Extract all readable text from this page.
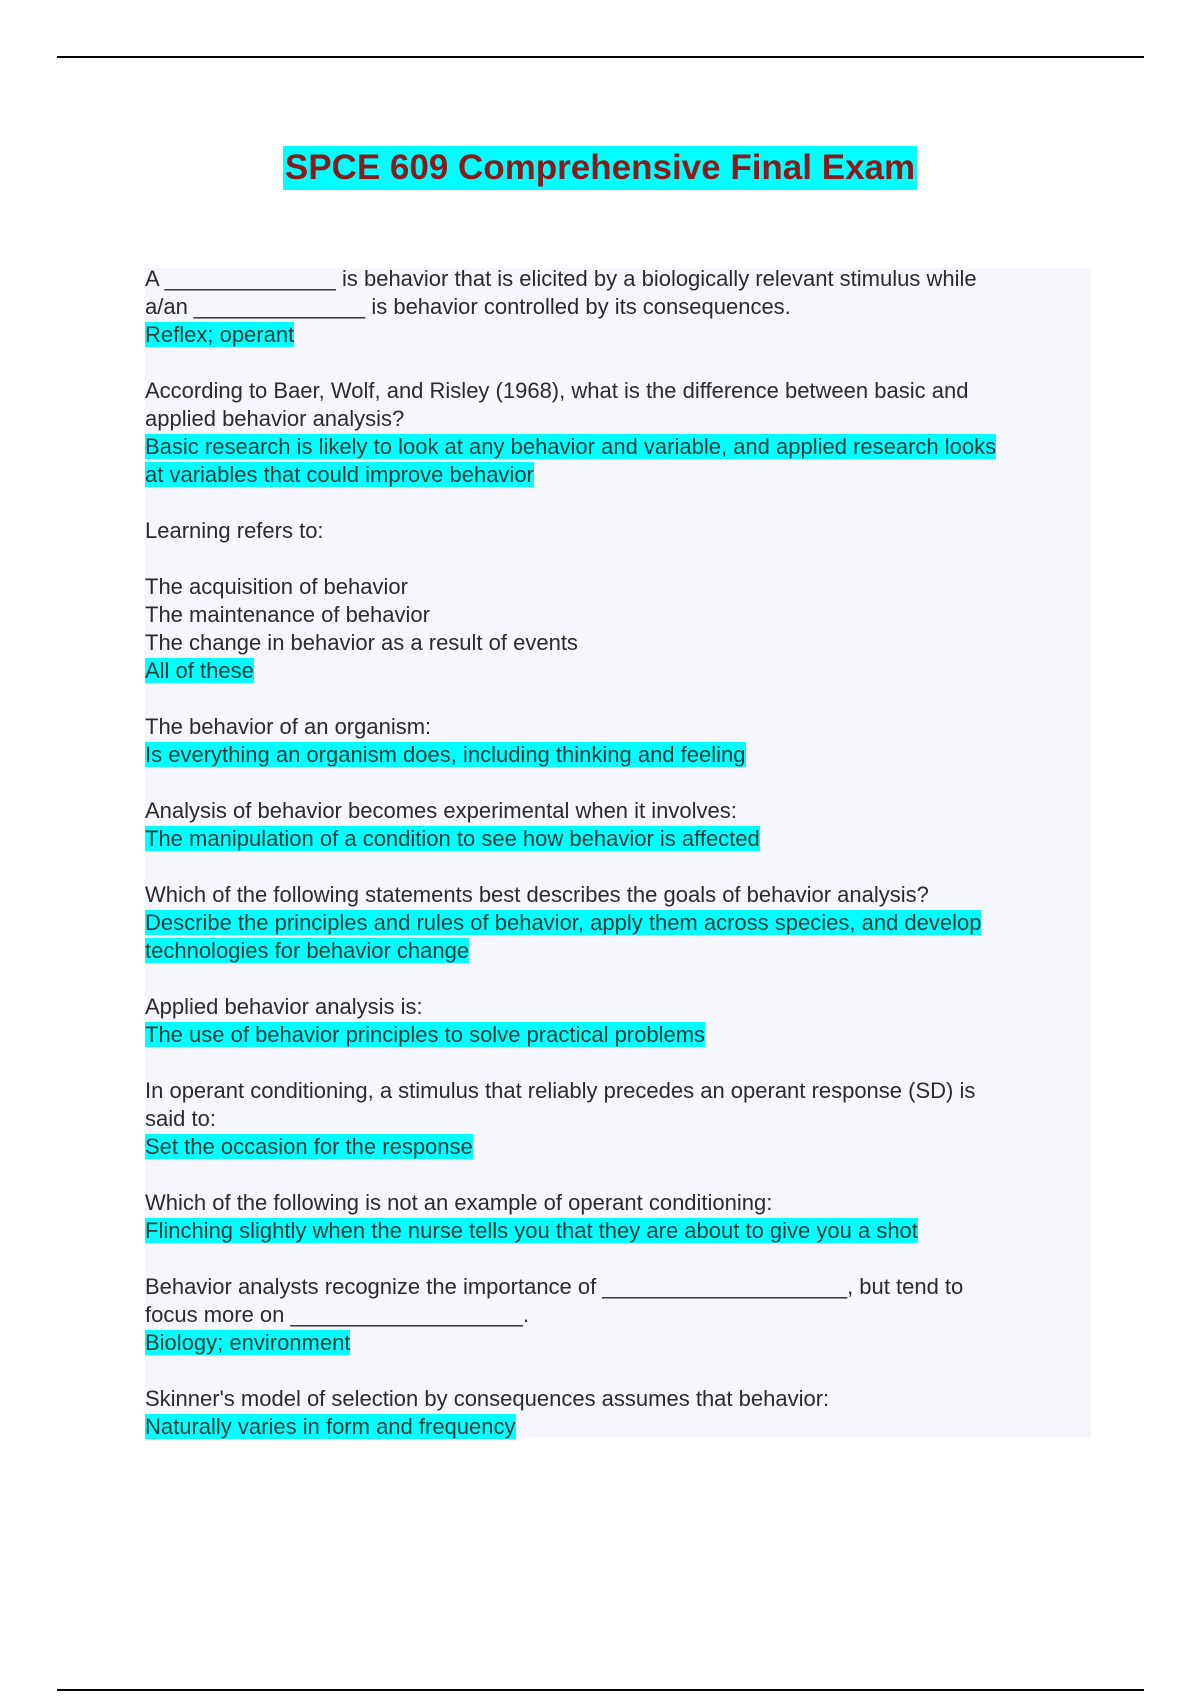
SPCE 609 Comprehensive Final Exam
A ______________ is behavior that is elicited by a biologically relevant stimulus while
a/an ______________ is behavior controlled by its consequences.
Reflex; operant
According to Baer, Wolf, and Risley (1968), what is the difference between basic and
applied behavior analysis?
Basic research is likely to look at any behavior and variable, and applied research looks
at variables that could improve behavior
Learning refers to:
The acquisition of behavior
The maintenance of behavior
The change in behavior as a result of events
All of these
The behavior of an organism:
Is everything an organism does, including thinking and feeling
Analysis of behavior becomes experimental when it involves:
The manipulation of a condition to see how behavior is affected
Which of the following statements best describes the goals of behavior analysis?
Describe the principles and rules of behavior, apply them across species, and develop
technologies for behavior change
Applied behavior analysis is:
The use of behavior principles to solve practical problems
In operant conditioning, a stimulus that reliably precedes an operant response (SD) is
said to:
Set the occasion for the response
Which of the following is not an example of operant conditioning:
Flinching slightly when the nurse tells you that they are about to give you a shot
Behavior analysts recognize the importance of ____________________, but tend to
focus more on ___________________.
Biology; environment
Skinner's model of selection by consequences assumes that behavior:
Naturally varies in form and frequency
